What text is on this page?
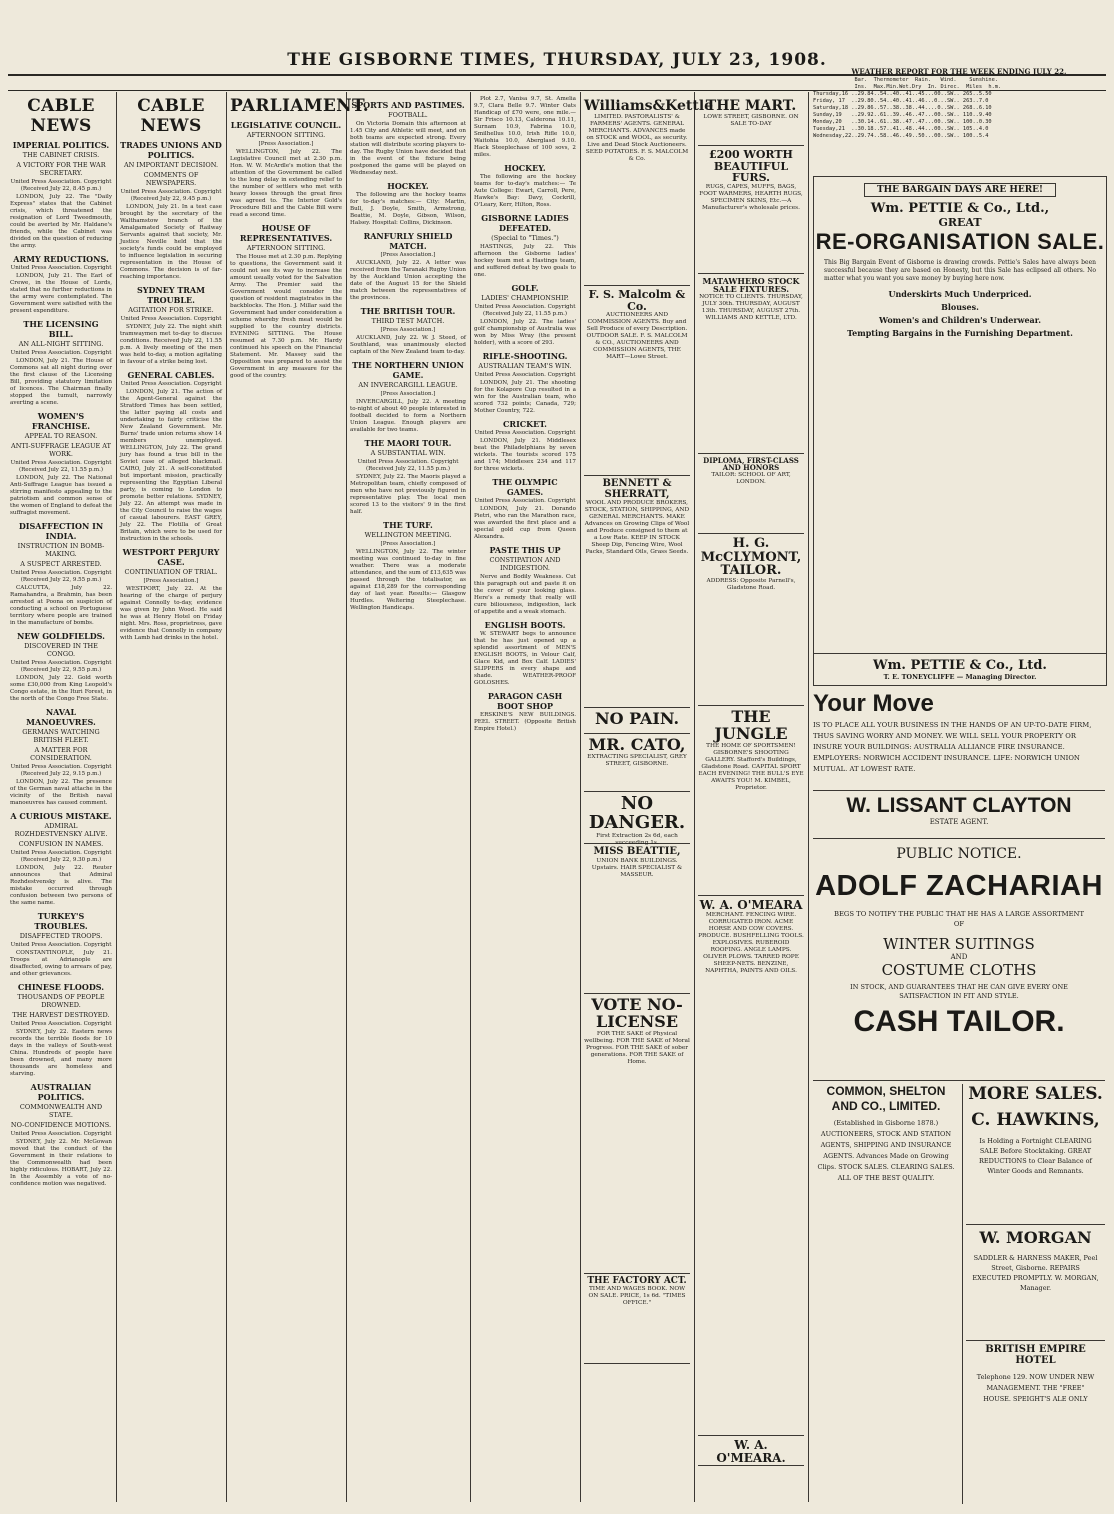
THE GISBORNE TIMES, THURSDAY, JULY 23, 1908.
CABLE NEWS
IMPERIAL POLITICS.
THE CABINET CRISIS.
A VICTORY FOR THE WAR SECRETARY.
United Press Association. Copyright (Received July 22, 8.45 p.m.)

LONDON, July 22. The "Daily Express" states that the Cabinet crisis, which threatened the resignation of Lord Tweedmouth, could be averted by Mr. Haldane's friends, while the Cabinet was divided on the question of reducing the army.

ARMY REDUCTIONS.
United Press Association. Copyright

LONDON, July 21. The Earl of Crewe, in the House of Lords, stated that no further reductions in the army were contemplated. The Government were satisfied with the present expenditure.

THE LICENSING BILL.
AN ALL-NIGHT SITTING.
United Press Association. Copyright

LONDON, July 21. The House of Commons sat all night during over the first clause of the Licensing Bill, providing statutory limitation of licences. The Chairman finally stopped the tumult, narrowly averting a scene.

WOMEN'S FRANCHISE.
APPEAL TO REASON.
ANTI-SUFFRAGE LEAGUE AT WORK.
United Press Association. Copyright (Received July 22, 11.55 p.m.)

LONDON, July 22. The National Anti-Suffrage League has issued a stirring manifesto appealing to the patriotism and common sense of the women of England to defeat the suffragist movement.

DISAFFECTION IN INDIA.
INSTRUCTION IN BOMB-MAKING.
A SUSPECT ARRESTED.
United Press Association. Copyright (Received July 22, 9.55 p.m.)

CALCUTTA, July 22. Ramahandra, a Brahmin, has been arrested at Poona on suspicion of conducting a school on Portuguese territory where people are trained in the manufacture of bombs.

NEW GOLDFIELDS.
DISCOVERED IN THE CONGO.
United Press Association. Copyright (Received July 22, 9.55 p.m.)

LONDON, July 22. Gold worth some £30,000 from King Leopold's Congo estate, in the Ituri Forest, in the north of the Congo Free State.

NAVAL MANOEUVRES.
GERMANS WATCHING BRITISH FLEET.
A MATTER FOR CONSIDERATION.
United Press Association. Copyright (Received July 22, 9.15 p.m.)

LONDON, July 22. The presence of the German naval attache in the vicinity of the British naval manoeuvres has caused comment.

A CURIOUS MISTAKE.
ADMIRAL ROZHDESTVENSKY ALIVE.
CONFUSION IN NAMES.
United Press Association. Copyright (Received July 22, 9.30 p.m.)

LONDON, July 22. Reuter announces that Admiral Rozhdestvensky is alive. The mistake occurred through confusion between two persons of the same name.

TURKEY'S TROUBLES.
DISAFFECTED TROOPS.
United Press Association. Copyright

CONSTANTINOPLE, July 21. Troops at Adrianople are disaffected, owing to arrears of pay, and other grievances.

CHINESE FLOODS.
THOUSANDS OF PEOPLE DROWNED.
THE HARVEST DESTROYED.
United Press Association. Copyright

SYDNEY, July 22. Eastern news records the terrible floods for 10 days in the valleys of South-west China. Hundreds of people have been drowned, and many more thousands are homeless and starving.

AUSTRALIAN POLITICS.
COMMONWEALTH AND STATE.
NO-CONFIDENCE MOTIONS.
United Press Association. Copyright

SYDNEY, July 22. Mr. McGowan moved that the conduct of the Government in their relations to the Commonwealth had been highly ridiculous. HOBART, July 22. In the Assembly a vote of no-confidence motion was negatived.

CABLE NEWS
TRADES UNIONS AND POLITICS.
AN IMPORTANT DECISION.
COMMENTS OF NEWSPAPERS.
United Press Association. Copyright (Received July 22, 9.45 p.m.)

LONDON, July 21. In a test case brought by the secretary of the Walthamstow branch of the Amalgamated Society of Railway Servants against that society, Mr. Justice Neville held that the society's funds could be employed to influence legislation in securing representation in the House of Commons. The decision is of far-reaching importance.

SYDNEY TRAM TROUBLE.
AGITATION FOR STRIKE.
United Press Association. Copyright

SYDNEY, July 22. The night shift tramwaymen met to-day to discuss conditions. Received July 22, 11.55 p.m. A lively meeting of the men was held to-day, a motion agitating in favour of a strike being lost.

GENERAL CABLES.
United Press Association. Copyright

LONDON, July 21. The action of the Agent-General against the Stratford Times has been settled, the latter paying all costs and undertaking to fairly criticise the New Zealand Government. Mr. Burns' trade union returns show 14 members unemployed. WELLINGTON, July 22. The grand jury has found a true bill in the Soviet case of alleged blackmail. CAIRO, July 21. A self-constituted but important mission, practically representing the Egyptian Liberal party, is coming to London to promote better relations. SYDNEY, July 22. An attempt was made in the City Council to raise the wages of casual labourers. EAST GREY, July 22. The Flotilla of Great Britain, which were to be used for instruction in the schools.

WESTPORT PERJURY CASE.
CONTINUATION OF TRIAL.
[Press Association.]

WESTPORT, July 22. At the hearing of the charge of perjury against Connolly to-day, evidence was given by John Wood. He said he was at Henry Hotel on Friday night. Mrs. Ross, proprietress, gave evidence that Connolly in company with Lamb had drinks in the hotel.

PARLIAMENT.
LEGISLATIVE COUNCIL.
AFTERNOON SITTING.
[Press Association.]

WELLINGTON, July 22. The Legislative Council met at 2.30 p.m. Hon. W. W. McArdle's motion that the attention of the Government be called to the long delay in extending relief to the number of settlers who met with heavy losses through the great fires was agreed to. The Interior Gold's Procedure Bill and the Cable Bill were read a second time.

HOUSE OF REPRESENTATIVES.
AFTERNOON SITTING.

The House met at 2.30 p.m. Replying to questions, the Government said it could not see its way to increase the amount usually voted for the Salvation Army. The Premier said the Government would consider the question of resident magistrates in the backblocks. The Hon. J. Millar said the Government had under consideration a scheme whereby fresh meat would be supplied to the country districts. EVENING SITTING. The House resumed at 7.30 p.m. Mr. Hardy continued his speech on the Financial Statement. Mr. Massey said the Opposition was prepared to assist the Government in any measure for the good of the country.

SPORTS AND PASTIMES.
FOOTBALL.

On Victoria Domain this afternoon at 1.45 City and Athletic will meet, and on both teams are expected strong. Every station will distribute scoring players to-day. The Rugby Union have decided that in the event of the fixture being postponed the game will be played on Wednesday next.

HOCKEY.

The following are the hockey teams for to-day's matches:— City: Martin, Bull, J. Doyle, Smith, Armstrong, Beattie, M. Doyle, Gibson, Wilson, Halsey. Hospital: Collins, Dickinson.

RANFURLY SHIELD MATCH.
[Press Association.]

AUCKLAND, July 22. A letter was received from the Taranaki Rugby Union by the Auckland Union accepting the date of the August 15 for the Shield match between the representatives of the provinces.

THE BRITISH TOUR.
THIRD TEST MATCH.
[Press Association.]

AUCKLAND, July 22. W. J. Steed, of Southland, was unanimously elected captain of the New Zealand team to-day.

THE NORTHERN UNION GAME.
AN INVERCARGILL LEAGUE.
[Press Association.]

INVERCARGILL, July 22. A meeting to-night of about 40 people interested in football decided to form a Northern Union League. Enough players are available for two teams.

THE MAORI TOUR.
A SUBSTANTIAL WIN.
United Press Association. Copyright (Received July 22, 11.55 p.m.)

SYDNEY, July 22. The Maoris played a Metropolitan team, chiefly composed of men who have not previously figured in representative play. The local men scored 13 to the visitors' 9 in the first half.

THE TURF.
WELLINGTON MEETING.
[Press Association.]

WELLINGTON, July 22. The winter meeting was continued to-day in fine weather. There was a moderate attendance, and the sum of £13,635 was passed through the totalisator, as against £18,289 for the corresponding day of last year. Results:— Glasgow Hurdles. Weltering Steeplechase. Wellington Handicaps.

Plot 2.7, Vanisa 9.7, St. Amelia 9.7, Clara Belle 9.7. Winter Oats Handicap of £70 were, one mile.—Sir Frisco 10.13, Calderona 10.11, Surnam 10.9, Fabrina 10.0, Smilhellus 10.0, Irish Rifle 10.0, Waitohia 10.0, Aberglasd 9.10. Hack Steeplechase of 100 sovs, 2 miles.

HOCKEY.

The following are the hockey teams for to-day's matches:— Te Aute College: Ewart, Carroll, Pere, Hawke's Bay: Davy, Cockrill, O'Leary, Kerr, Hilton, Ross.

GISBORNE LADIES DEFEATED.
(Special to "Times.")

HASTINGS, July 22. This afternoon the Gisborne ladies' hockey team met a Hastings team, and suffered defeat by two goals to one.

GOLF.
LADIES' CHAMPIONSHIP.
United Press Association. Copyright (Received July 22, 11.55 p.m.)

LONDON, July 22. The ladies' golf championship of Australia was won by Miss Wray (the present holder), with a score of 293.

RIFLE-SHOOTING.
AUSTRALIAN TEAM'S WIN.
United Press Association. Copyright

LONDON, July 21. The shooting for the Kolapore Cup resulted in a win for the Australian team, who scored 732 points; Canada, 729; Mother Country, 722.

CRICKET.
United Press Association. Copyright

LONDON, July 21. Middlesex beat the Philadelphians by seven wickets. The tourists scored 175 and 174; Middlesex 234 and 117 for three wickets.

THE OLYMPIC GAMES.
United Press Association. Copyright

LONDON, July 21. Dorando Pietri, who ran the Marathon race, was awarded the first place and a special gold cup from Queen Alexandra.

PASTE THIS UP
CONSTIPATION AND INDIGESTION.

Nerve and Bodily Weakness. Cut this paragraph out and paste it on the cover of your looking glass. Here's a remedy that really will cure biliousness, indigestion, lack of appetite and a weak stomach.

ENGLISH BOOTS.

W. STEWART begs to announce that he has just opened up a splendid assortment of MEN'S ENGLISH BOOTS, in Velour Calf, Glace Kid, and Box Calf. LADIES' SLIPPERS in every shape and shade. WEATHER-PROOF GOLOSHES.

PARAGON CASH BOOT SHOP

ERSKINE'S NEW BUILDINGS. PEEL STREET. (Opposite British Empire Hotel.)

Williams&Kettle
LIMITED. PASTORALISTS' & FARMERS' AGENTS. GENERAL MERCHANTS. ADVANCES made on STOCK and WOOL, as security. Live and Dead Stock Auctioneers. SEED POTATOES. F. S. MALCOLM & Co.
F. S. Malcolm & Co.
AUCTIONEERS AND COMMISSION AGENTS. Buy and Sell Produce of every Description. OUTDOOR SALE. F. S. MALCOLM & CO., AUCTIONEERS AND COMMISSION AGENTS, THE MART—Lowe Street.
BENNETT & SHERRATT,
WOOL AND PRODUCE BROKERS, STOCK, STATION, SHIPPING, AND GENERAL MERCHANTS. MAKE Advances on Growing Clips of Wool and Produce consigned to them at a Low Rate. KEEP IN STOCK Sheep Dip, Fencing Wire, Wool Packs, Standard Oils, Grass Seeds.
NO PAIN.
MR. CATO,
EXTRACTING SPECIALIST, GREY STREET, GISBORNE.
NO DANGER.
First Extraction 2s 6d, each succeeding 1s.
MISS BEATTIE,
UNION BANK BUILDINGS. Upstairs. HAIR SPECIALIST & MASSEUR.
VOTE NO-LICENSE
FOR THE SAKE of Physical wellbeing. FOR THE SAKE of Moral Progress. FOR THE SAKE of sober generations. FOR THE SAKE of Home.
THE FACTORY ACT.
TIME AND WAGES BOOK. NOW ON SALE. PRICE, 1s 6d. "TIMES OFFICE."
THE MART.
LOWE STREET, GISBORNE. ON SALE TO-DAY
£200 WORTH BEAUTIFUL FURS.
RUGS, CAPES, MUFFS, BAGS, FOOT WARMERS, HEARTH RUGS, SPECIMEN SKINS, Etc.—A Manufacturer's wholesale prices.
MATAWHERO STOCK SALE FIXTURES.
NOTICE TO CLIENTS. THURSDAY, JULY 30th. THURSDAY, AUGUST 13th. THURSDAY, AUGUST 27th. WILLIAMS AND KETTLE, LTD.
DIPLOMA, FIRST-CLASS AND HONORS
TAILOR: SCHOOL OF ART, LONDON.
H. G. McCLYMONT, TAILOR.
ADDRESS: Opposite Parnell's, Gladstone Road.
THE JUNGLE
THE HOME OF SPORTSMEN! GISBORNE'S SHOOTING GALLERY. Stafford's Buildings, Gladstone Road. CAPITAL SPORT EACH EVENING! THE BULL'S EYE AWAITS YOU! M. KIMBEL, Proprietor.
W. A. O'MEARA
MERCHANT. FENCING WIRE. CORRUGATED IRON. ACME HORSE AND COW COVERS. PRODUCE. BUSHFELLING TOOLS. EXPLOSIVES. RUBEROID ROOFING. ANGLE LAMPS. OLIVER PLOWS. TARRED ROPE SHEEP-NETS. BENZINE, NAPHTHA, PAINTS AND OILS.
W. A. O'MEARA.
WEATHER REPORT FOR THE WEEK ENDING JULY 22.
Bar.  Thermometer  Rain.   Wind.    Sunshine.
Ins.  Max.Min.Wet.Dry  In. Direc.  Miles  h.m.
Thursday,16 ..29.84..54..40..41..45...00..SW.. 265..5.50
Friday, 17  ..29.80..54..40..41..46...0...SW.. 263..7.0
Saturday,18 ..29.86..57..38..38..44....0..SW.. 268..6.10
Sunday,19   ..29.92..61..39..46..47...00..SW.. 110..9.40
Monday,20   ..30.14..61..38..47..47...00..SW.. 100..0.30
Tuesday,21  ..30.18..57..41..48..44...00..SW.. 105..4.0
Wednesday,22..29.74..58..46..49..50...00..SW.. 100..5.4
THE BARGAIN DAYS ARE HERE!
Wm. PETTIE & Co., Ltd.,
GREAT
RE-ORGANISATION SALE.
This Big Bargain Event of Gisborne is drawing crowds. Pettie's Sales have always been successful because they are based on Honesty, but this Sale has eclipsed all others. No matter what you want you save money by buying here now.
Underskirts Much Underpriced.
Blouses.
Women's and Children's Underwear.
Tempting Bargains in the Furnishing Department.
Wm. PETTIE & Co., Ltd.
T. E. TONEYCLIFFE — Managing Director.
Your Move
IS TO PLACE ALL YOUR BUSINESS IN THE HANDS OF AN UP-TO-DATE FIRM, THUS SAVING WORRY AND MONEY. WE WILL SELL YOUR PROPERTY OR INSURE YOUR BUILDINGS: AUSTRALIA ALLIANCE FIRE INSURANCE. EMPLOYERS: NORWICH ACCIDENT INSURANCE. LIFE: NORWICH UNION MUTUAL. AT LOWEST RATE.
W. LISSANT CLAYTON
ESTATE AGENT.
PUBLIC NOTICE.
ADOLF ZACHARIAH
BEGS TO NOTIFY THE PUBLIC THAT HE HAS A LARGE ASSORTMENT OF
WINTER SUITINGS
AND
COSTUME CLOTHS
IN STOCK, AND GUARANTEES THAT HE CAN GIVE EVERY ONE SATISFACTION IN FIT AND STYLE.
CASH TAILOR.
COMMON, SHELTON AND CO., LIMITED.
(Established in Gisborne 1878.) AUCTIONEERS, STOCK AND STATION AGENTS, SHIPPING AND INSURANCE AGENTS. Advances Made on Growing Clips. STOCK SALES. CLEARING SALES. ALL OF THE BEST QUALITY.
MORE SALES.
C. HAWKINS,
Is Holding a Fortnight CLEARING SALE Before Stocktaking. GREAT REDUCTIONS to Clear Balance of Winter Goods and Remnants.
W. MORGAN
SADDLER & HARNESS MAKER, Peel Street, Gisborne. REPAIRS EXECUTED PROMPTLY. W. MORGAN, Manager.
BRITISH EMPIRE HOTEL
Telephone 129. NOW UNDER NEW MANAGEMENT. THE "FREE" HOUSE. SPEIGHT'S ALE ONLY
